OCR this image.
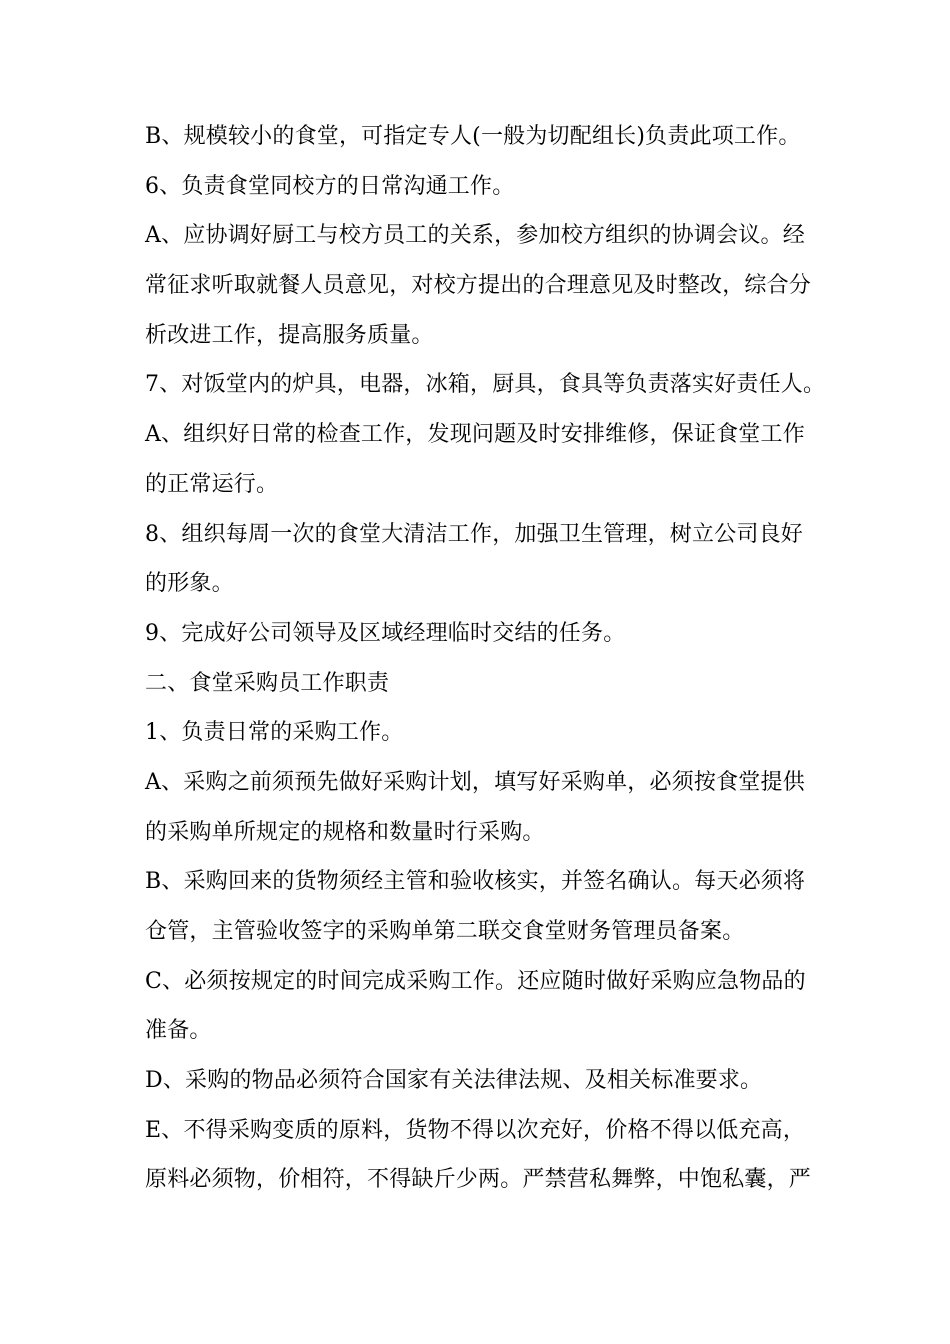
B、规模较小的食堂，可指定专人(一般为切配组长)负责此项工作。
6、负责食堂同校方的日常沟通工作。
A、应协调好厨工与校方员工的关系，参加校方组织的协调会议。经
常征求听取就餐人员意见，对校方提出的合理意见及时整改，综合分
析改进工作，提高服务质量。
7、对饭堂内的炉具，电器，冰箱，厨具，食具等负责落实好责任人。
A、组织好日常的检查工作，发现问题及时安排维修，保证食堂工作
的正常运行。
8、组织每周一次的食堂大清洁工作，加强卫生管理，树立公司良好
的形象。
9、完成好公司领导及区域经理临时交结的任务。
二、食堂采购员工作职责
1、负责日常的采购工作。
A、采购之前须预先做好采购计划，填写好采购单，必须按食堂提供
的采购单所规定的规格和数量时行采购。
B、采购回来的货物须经主管和验收核实，并签名确认。每天必须将
仓管，主管验收签字的采购单第二联交食堂财务管理员备案。
C、必须按规定的时间完成采购工作。还应随时做好采购应急物品的
准备。
D、采购的物品必须符合国家有关法律法规、及相关标准要求。
E、不得采购变质的原料，货物不得以次充好，价格不得以低充高，
原料必须物，价相符，不得缺斤少两。严禁营私舞弊，中饱私囊，严
